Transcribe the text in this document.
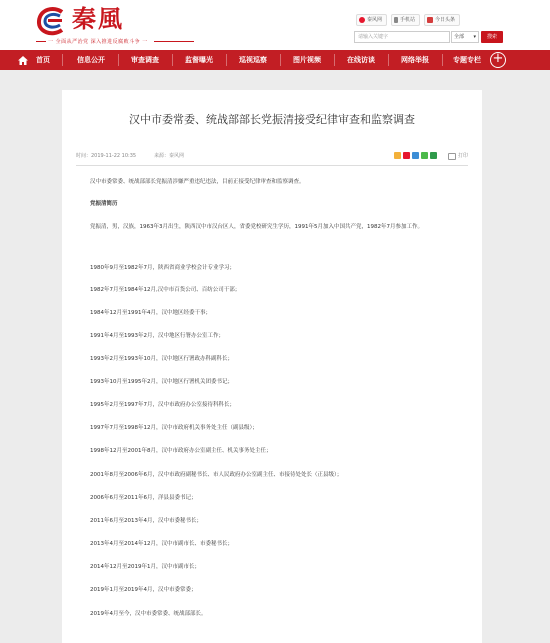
秦風
一 全面从严治党 深入推进反腐败斗争 一
秦风网	手机站	今日头条
请输入关键字	全部 ▾	搜索
首页	信息公开	审查调查	监督曝光	巡视巡察	图片视频	在线访谈	网络举报	专题专栏 +
汉中市委常委、统战部部长党振清接受纪律审查和监察调查
时间：2019-11-22 10:35	来源：秦风网	打印
汉中市委常委、统战部部长党振清涉嫌严重违纪违法，目前正接受纪律审查和监察调查。
党振清简历
党振清，男，汉族，1963年3月出生，陕西汉中市汉台区人，省委党校研究生学历，1991年5月加入中国共产党，1982年7月参加工作。
1980年9月至1982年7月，陕西省商业学校会计专业学习；
1982年7月至1984年12月,汉中市百货公司、百纺公司干部；
1984年12月至1991年4月，汉中地区经委干事；
1991年4月至1993年2月，汉中地区行署办公室工作；
1993年2月至1993年10月，汉中地区行署政办科副科长；
1993年10月至1995年2月，汉中地区行署机关团委书记；
1995年2月至1997年7月，汉中市政府办公室接待科科长；
1997年7月至1998年12月，汉中市政府机关事务处主任（副县级）；
1998年12月至2001年8月，汉中市政府办公室副主任、机关事务处主任；
2001年8月至2006年6月，汉中市政府副秘书长、市人民政府办公室副主任、市接待处处长（正县级）；
2006年6月至2011年6月，洋县县委书记；
2011年6月至2013年4月，汉中市委秘书长；
2013年4月至2014年12月，汉中市副市长、市委秘书长；
2014年12月至2019年1月，汉中市副市长；
2019年1月至2019年4月，汉中市委常委；
2019年4月至今，汉中市委常委、统战部部长。
